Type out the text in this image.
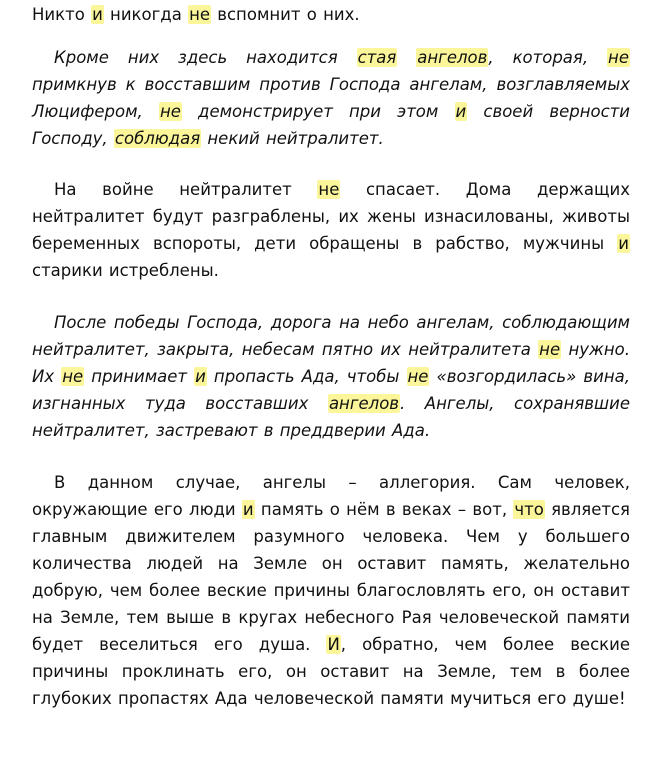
Никто и никогда не вспомнит о них.

Кроме них здесь находится стая ангелов, которая, не примкнув к восставшим против Господа ангелам, возглавляемых Люцифером, не демонстрирует при этом и своей верности Господу, соблюдая некий нейтралитет.

На войне нейтралитет не спасает. Дома держащих нейтралитет будут разграблены, их жены изнасилованы, животы беременных вспороты, дети обращены в рабство, мужчины и старики истреблены.

После победы Господа, дорога на небо ангелам, соблюдающим нейтралитет, закрыта, небесам пятно их нейтралитета не нужно. Их не принимает и пропасть Ада, чтобы не «возгордилась» вина, изгнанных туда восставших ангелов. Ангелы, сохранявшие нейтралитет, застревают в преддверии Ада.

В данном случае, ангелы – аллегория. Сам человек, окружающие его люди и память о нём в веках – вот, что является главным движителем разумного человека. Чем у большего количества людей на Земле он оставит память, желательно добрую, чем более веские причины благословлять его, он оставит на Земле, тем выше в кругах небесного Рая человеческой памяти будет веселиться его душа. И, обратно, чем более веские причины проклинать его, он оставит на Земле, тем в более глубоких пропастях Ада человеческой памяти мучиться его душе!
